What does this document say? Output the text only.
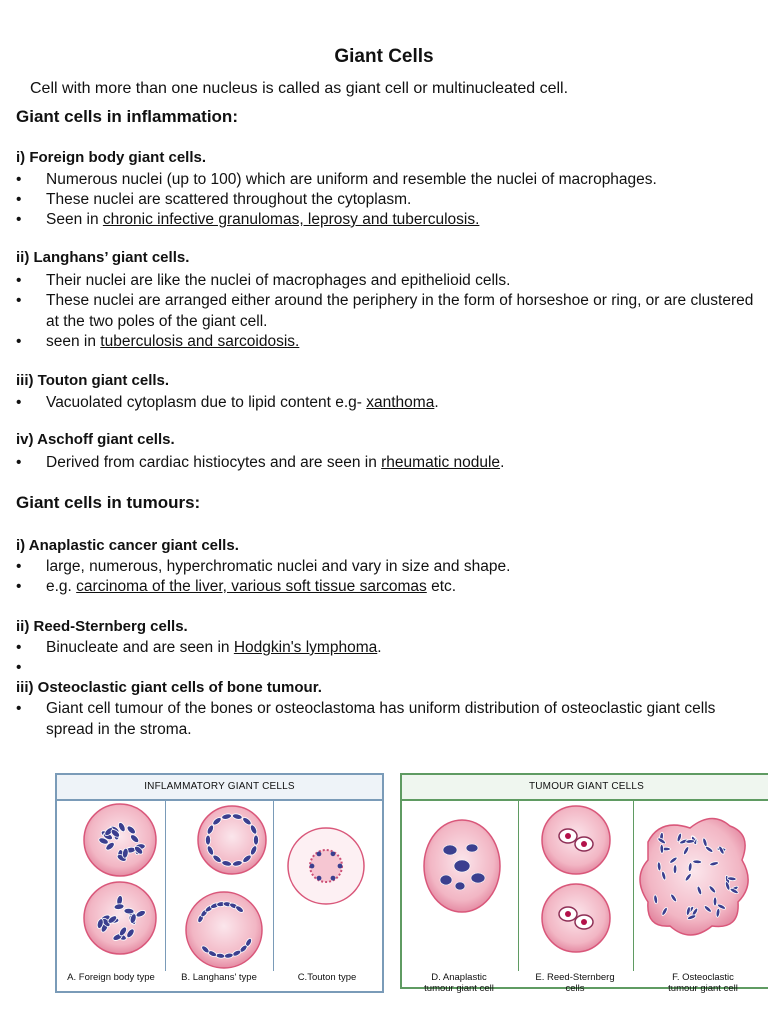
Giant Cells
Cell with more than one nucleus is called as giant cell or multinucleated cell.
Giant cells in inflammation:
i) Foreign body giant cells.
• Numerous nuclei (up to 100) which are uniform and resemble the nuclei of macrophages.
• These nuclei are scattered throughout the cytoplasm.
• Seen in chronic infective granulomas, leprosy and tuberculosis.
ii) Langhans’ giant cells.
• Their nuclei are like the nuclei of macrophages and epithelioid cells.
• These nuclei are arranged either around the periphery in the form of horseshoe or ring, or are clustered at the two poles of the giant cell.
• seen in tuberculosis and sarcoidosis.
iii) Touton giant cells.
• Vacuolated cytoplasm due to lipid content e.g- xanthoma.
iv) Aschoff giant cells.
• Derived from cardiac histiocytes and are seen in rheumatic nodule.
Giant cells in tumours:
i) Anaplastic cancer giant cells.
• large, numerous, hyperchromatic nuclei and vary in size and shape.
• e.g. carcinoma of the liver, various soft tissue sarcomas etc.
ii) Reed-Sternberg cells.
• Binucleate and are seen in Hodgkin's lymphoma.
•
iii) Osteoclastic giant cells of bone tumour.
• Giant cell tumour of the bones or osteoclastoma has uniform distribution of osteoclastic giant cells spread in the stroma.
INFLAMMATORY GIANT CELLS	TUMOUR GIANT CELLS
A. Foreign body type	B. Langhans' type	C.Touton type	D. Anaplastic
tumour giant cell
E. Reed-Sternberg
cells
F. Osteoclastic
tumour giant cell
